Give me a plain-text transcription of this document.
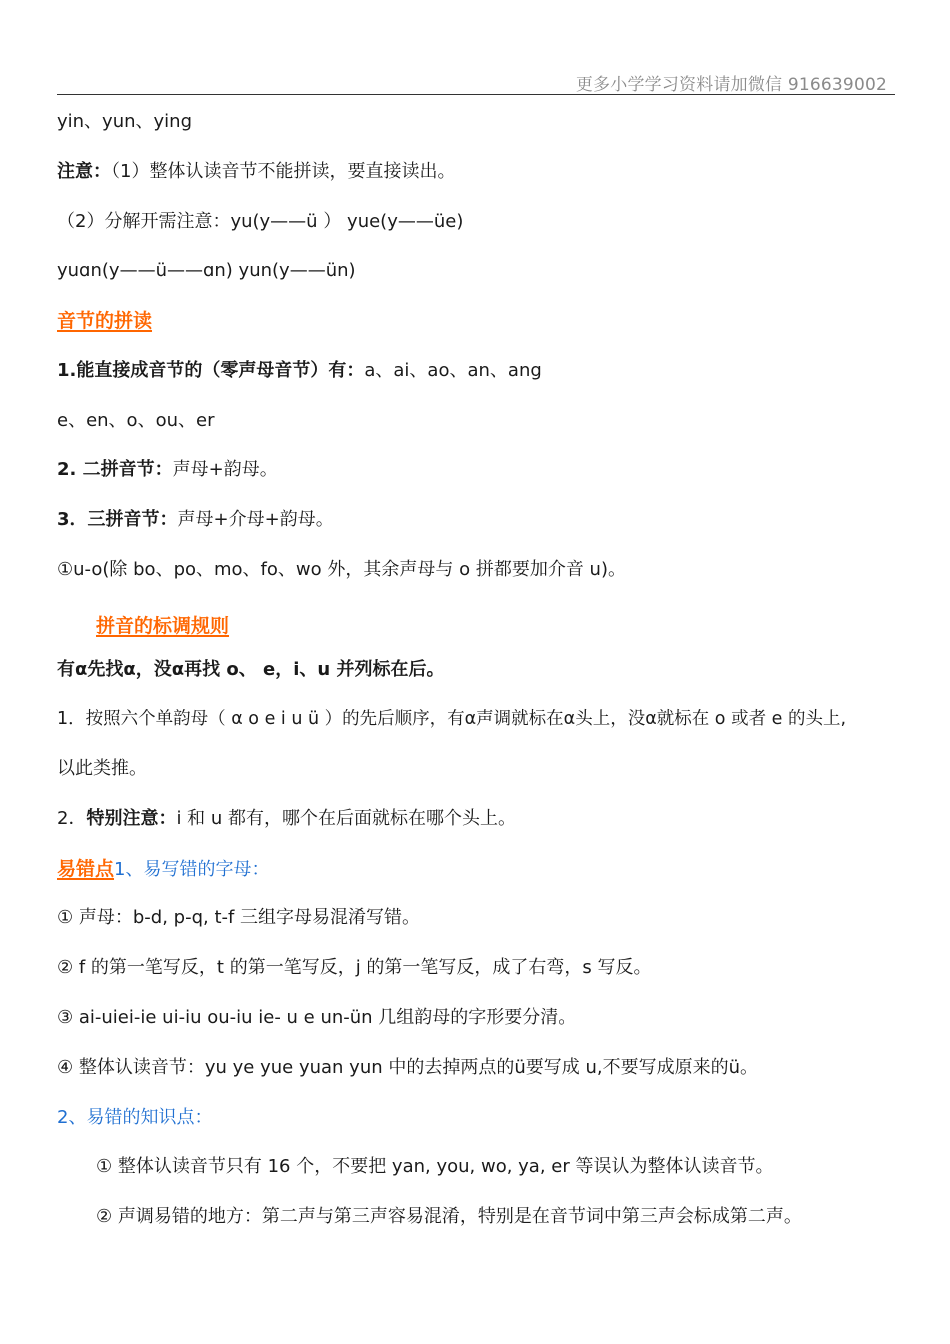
更多小学学习资料请加微信 916639002
yin、yun、ying
注意：（1）整体认读音节不能拼读，要直接读出。
（2）分解开需注意：yu(y——ü ） yue(y——üe)
yuɑn(y——ü——ɑn) yun(y——ün)
音节的拼读
1.能直接成音节的（零声母音节）有：a、ai、ao、an、ang
e、en、o、ou、er
2. 二拼音节：声母+韵母。
3．三拼音节：声母+介母+韵母。
①u-o(除 bo、po、mo、fo、wo 外，其余声母与 o 拼都要加介音 u)。
拼音的标调规则
有α先找α，没α再找 o、 e，i、u 并列标在后。
1．按照六个单韵母（ α o e i u ü ）的先后顺序，有α声调就标在α头上，没α就标在 o 或者 e 的头上,
以此类推。
2．特别注意：i 和 u 都有，哪个在后面就标在哪个头上。
易错点1、易写错的字母：
① 声母：b-d, p-q, t-f 三组字母易混淆写错。
② f 的第一笔写反，t 的第一笔写反，j 的第一笔写反，成了右弯，s 写反。
③ ai-uiei-ie ui-iu ou-iu ie- u e un-ün 几组韵母的字形要分清。
④ 整体认读音节：yu ye yue yuan yun 中的去掉两点的ü要写成 u,不要写成原来的ü。
2、易错的知识点：
① 整体认读音节只有 16 个，不要把 yan, you, wo, ya, er 等误认为整体认读音节。
② 声调易错的地方：第二声与第三声容易混淆，特别是在音节词中第三声会标成第二声。
